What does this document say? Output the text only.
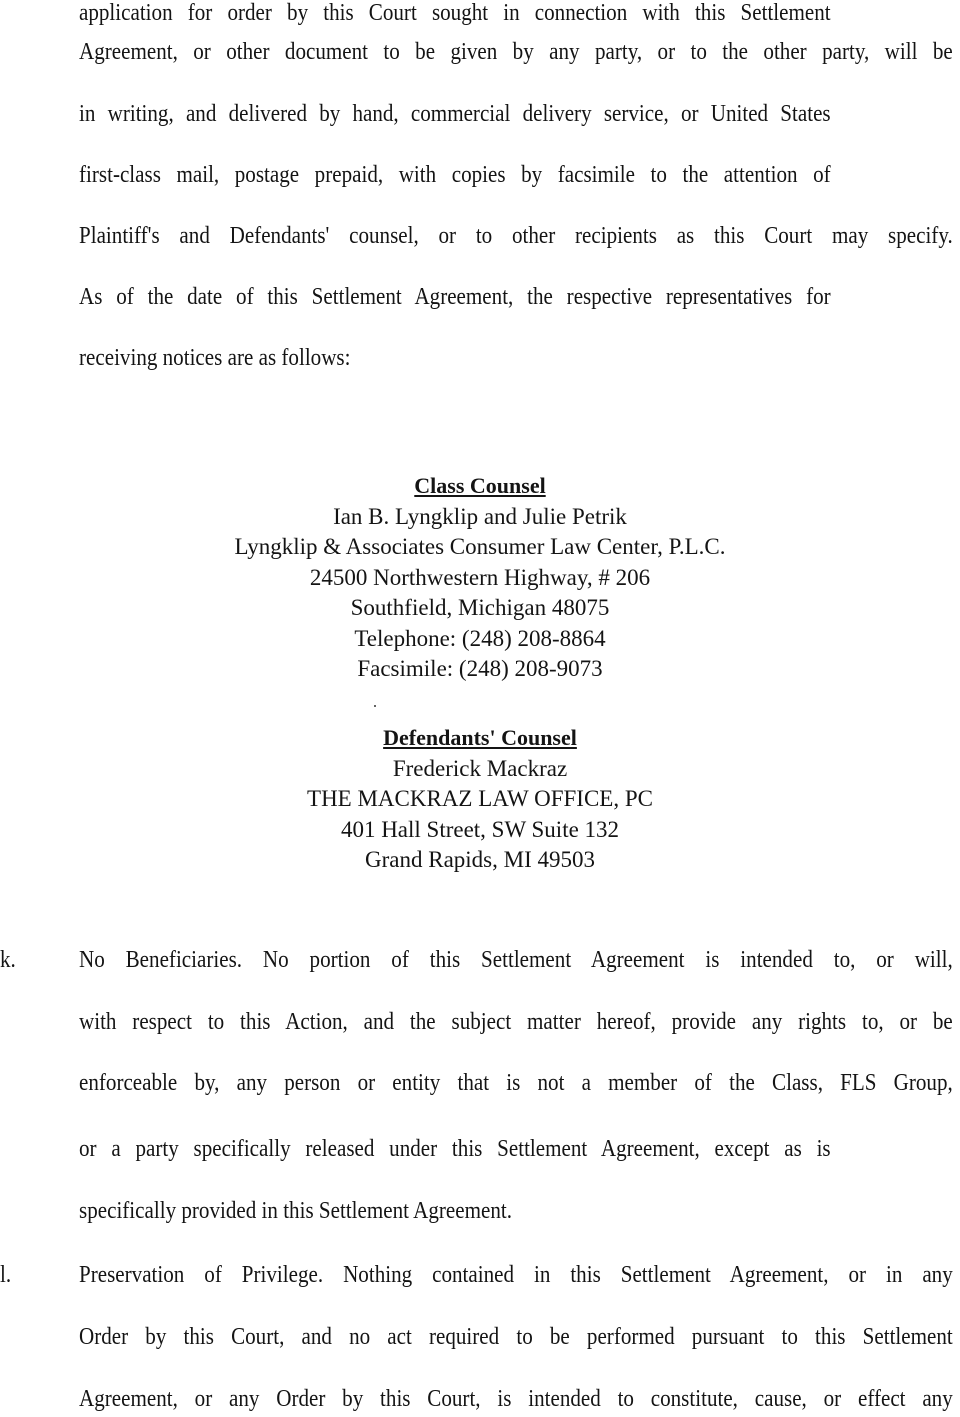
application for order by this Court sought in connection with this Settlement
Agreement, or other document to be given by any party, or to the other party, will be
in writing, and delivered by hand, commercial delivery service, or United States
first-class mail, postage prepaid, with copies by facsimile to the attention of
Plaintiff's and Defendants' counsel, or to other recipients as this Court may specify.
As of the date of this Settlement Agreement, the respective representatives for
receiving notices are as follows:
Class Counsel
Ian B. Lyngklip and Julie Petrik
Lyngklip & Associates Consumer Law Center, P.L.C.
24500 Northwestern Highway, # 206
Southfield, Michigan 48075
Telephone: (248) 208-8864
Facsimile: (248) 208-9073
Defendants' Counsel
Frederick Mackraz
THE MACKRAZ LAW OFFICE, PC
401 Hall Street, SW Suite 132
Grand Rapids, MI 49503
k.	No Beneficiaries. No portion of this Settlement Agreement is intended to, or will,
with respect to this Action, and the subject matter hereof, provide any rights to, or be
enforceable by, any person or entity that is not a member of the Class, FLS Group,
or a party specifically released under this Settlement Agreement, except as is
specifically provided in this Settlement Agreement.
l.	Preservation of Privilege. Nothing contained in this Settlement Agreement, or in any
Order by this Court, and no act required to be performed pursuant to this Settlement
Agreement, or any Order by this Court, is intended to constitute, cause, or effect any
